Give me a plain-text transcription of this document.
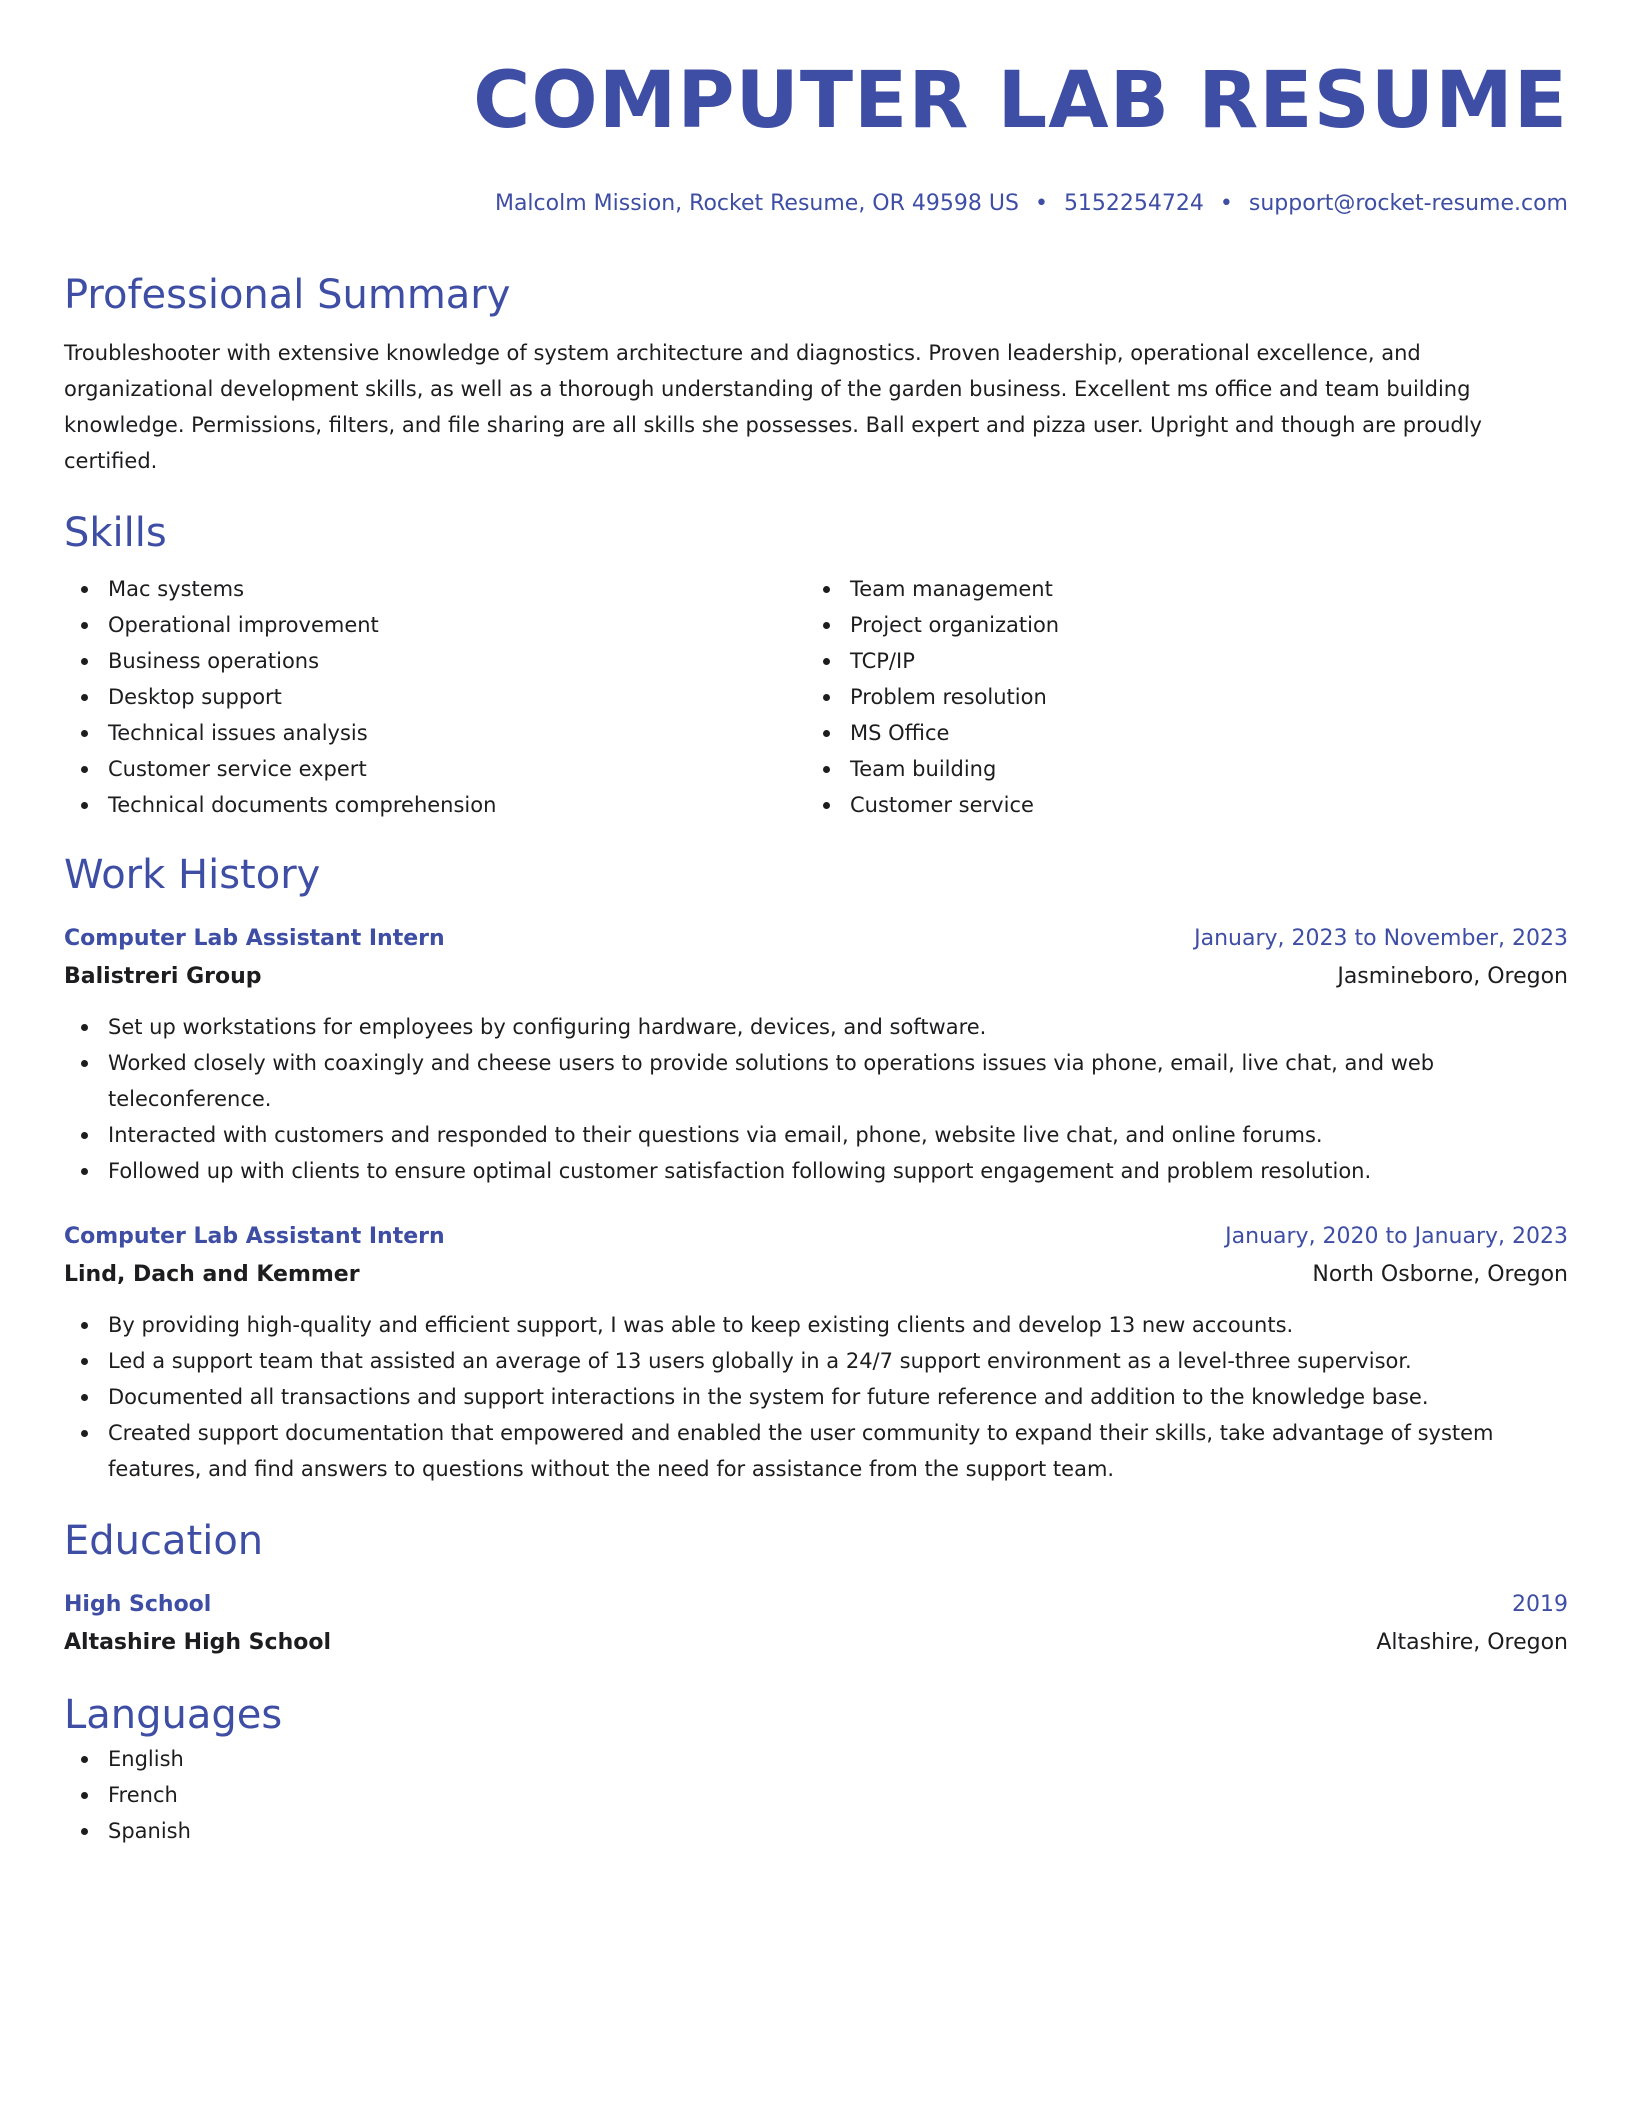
COMPUTER LAB RESUME
Malcolm Mission, Rocket Resume, OR 49598 US • 5152254724 • support@rocket-resume.com
Professional Summary

Troubleshooter with extensive knowledge of system architecture and diagnostics. Proven leadership, operational excellence, and organizational development skills, as well as a thorough understanding of the garden business. Excellent ms office and team building knowledge. Permissions, filters, and file sharing are all skills she possesses. Ball expert and pizza user. Upright and though are proudly certified.

Skills
Mac systems
Operational improvement
Business operations
Desktop support
Technical issues analysis
Customer service expert
Technical documents comprehension
Team management
Project organization
TCP/IP
Problem resolution
MS Office
Team building
Customer service
Work History
Computer Lab Assistant Intern	January, 2023 to November, 2023
Balistreri Group	Jasmineboro, Oregon
Set up workstations for employees by configuring hardware, devices, and software.
Worked closely with coaxingly and cheese users to provide solutions to operations issues via phone, email, live chat, and web teleconference.
Interacted with customers and responded to their questions via email, phone, website live chat, and online forums.
Followed up with clients to ensure optimal customer satisfaction following support engagement and problem resolution.
Computer Lab Assistant Intern	January, 2020 to January, 2023
Lind, Dach and Kemmer	North Osborne, Oregon
By providing high-quality and efficient support, I was able to keep existing clients and develop 13 new accounts.
Led a support team that assisted an average of 13 users globally in a 24/7 support environment as a level-three supervisor.
Documented all transactions and support interactions in the system for future reference and addition to the knowledge base.
Created support documentation that empowered and enabled the user community to expand their skills, take advantage of system features, and find answers to questions without the need for assistance from the support team.
Education
High School	2019
Altashire High School	Altashire, Oregon
Languages
English
French
Spanish
